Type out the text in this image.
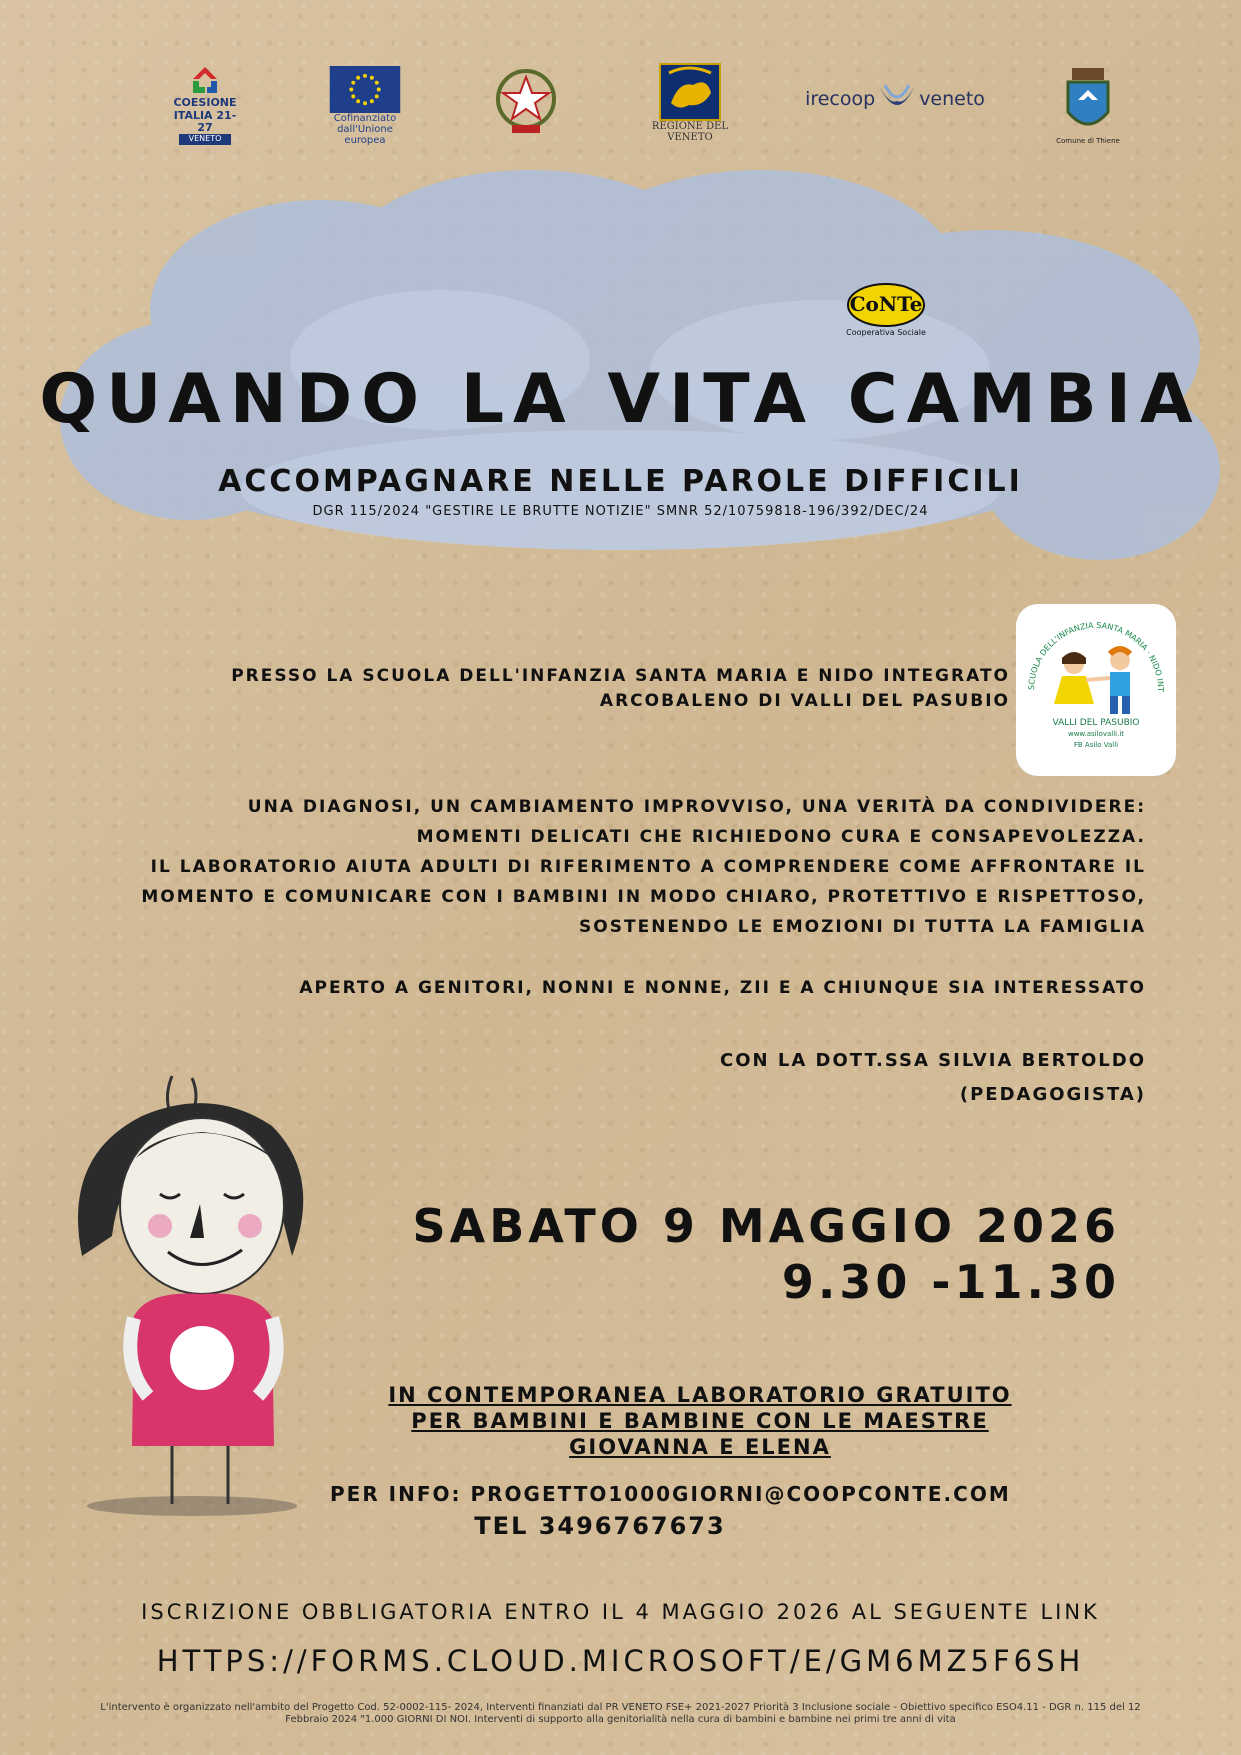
COESIONE
ITALIA 21-27
VENETO
Cofinanziato
dall'Unione europea
REGIONE DEL VENETO
irecoop veneto
Comune di Thiene
CoNTe
Cooperativa Sociale
QUANDO LA VITA CAMBIA
ACCOMPAGNARE NELLE PAROLE DIFFICILI
DGR 115/2024 "GESTIRE LE BRUTTE NOTIZIE" SMNR 52/10759818-196/392/DEC/24
PRESSO LA SCUOLA DELL'INFANZIA SANTA MARIA E NIDO INTEGRATO
ARCOBALENO DI VALLI DEL PASUBIO
SCUOLA DELL'INFANZIA SANTA MARIA · NIDO INT
VALLI DEL PASUBIO
www.asilovalli.it
FB Asilo Valli
UNA DIAGNOSI, UN CAMBIAMENTO IMPROVVISO, UNA VERITÀ DA CONDIVIDERE:
MOMENTI DELICATI CHE RICHIEDONO CURA E CONSAPEVOLEZZA.
IL LABORATORIO AIUTA ADULTI DI RIFERIMENTO A COMPRENDERE COME AFFRONTARE IL
MOMENTO E COMUNICARE CON I BAMBINI IN MODO CHIARO, PROTETTIVO E RISPETTOSO,
SOSTENENDO LE EMOZIONI DI TUTTA LA FAMIGLIA
APERTO A GENITORI, NONNI E NONNE, ZII E A CHIUNQUE SIA INTERESSATO
CON LA DOTT.SSA SILVIA BERTOLDO
(PEDAGOGISTA)
SABATO 9 MAGGIO 2026
9.30 -11.30
IN CONTEMPORANEA LABORATORIO GRATUITO
PER BAMBINI E BAMBINE CON LE MAESTRE
GIOVANNA E ELENA
PER INFO: PROGETTO1000GIORNI@COOPCONTE.COM
TEL 3496767673
ISCRIZIONE OBBLIGATORIA ENTRO IL 4 MAGGIO 2026 AL SEGUENTE LINK
HTTPS://FORMS.CLOUD.MICROSOFT/E/GM6MZ5F6SH
L'intervento è organizzato nell'ambito del Progetto Cod. 52-0002-115- 2024, Interventi finanziati dal PR VENETO FSE+ 2021-2027 Priorità 3 Inclusione sociale - Obiettivo specifico ESO4.11 - DGR n. 115 del 12
Febbraio 2024 "1.000 GIORNI DI NOI. Interventi di supporto alla genitorialità nella cura di bambini e bambine nei primi tre anni di vita
